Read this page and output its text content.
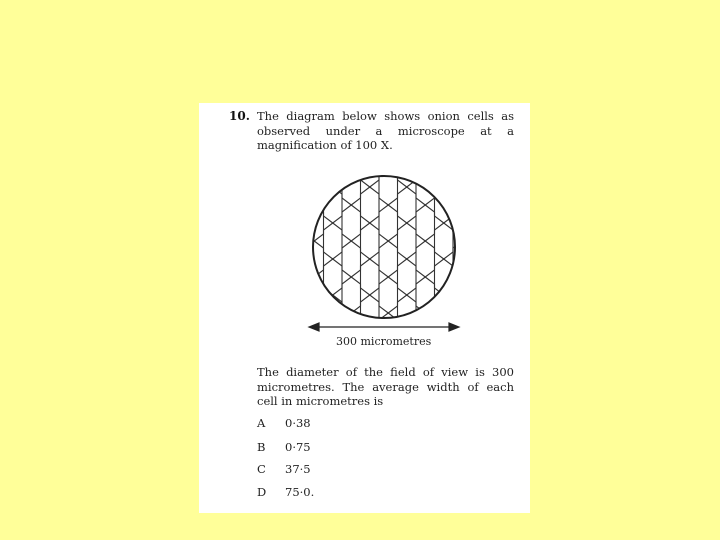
10. The diagram below shows onion cells as observed under a microscope at a magnification of 100 X.
300 micrometres
The diameter of the field of view is 300 micrometres. The average width of each cell in micrometres is
A 0·38
B 0·75
C 37·5
D 75·0.
